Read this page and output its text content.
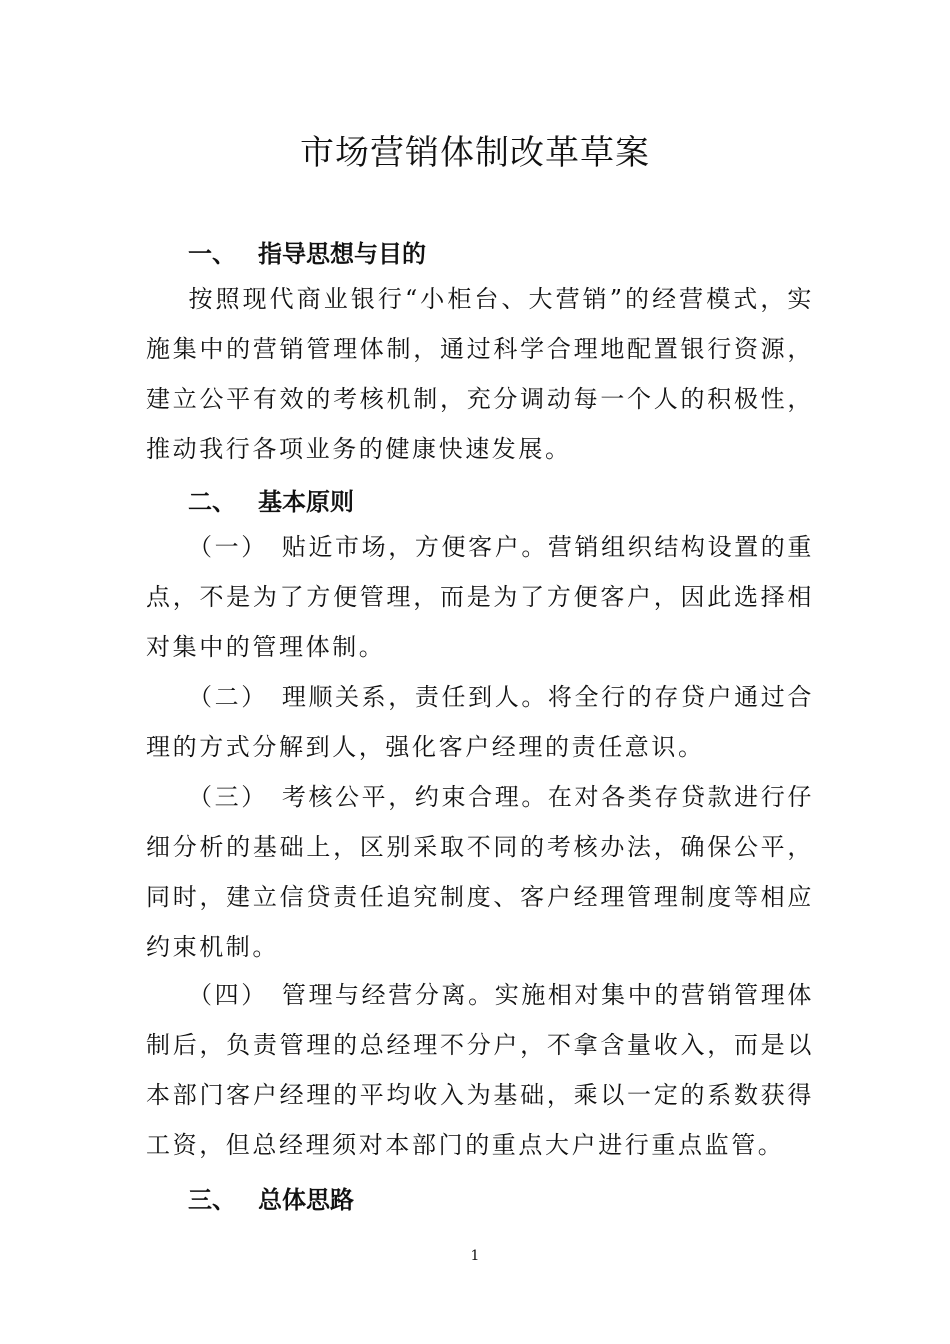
市场营销体制改革草案
一、 指导思想与目的
按照现代商业银行“小柜台、大营销”的经营模式，实施集中的营销管理体制，通过科学合理地配置银行资源，建立公平有效的考核机制，充分调动每一个人的积极性，推动我行各项业务的健康快速发展。
二、 基本原则
（一） 贴近市场，方便客户。营销组织结构设置的重点，不是为了方便管理，而是为了方便客户，因此选择相对集中的管理体制。
（二） 理顺关系，责任到人。将全行的存贷户通过合理的方式分解到人，强化客户经理的责任意识。
（三） 考核公平，约束合理。在对各类存贷款进行仔细分析的基础上，区别采取不同的考核办法，确保公平，同时，建立信贷责任追究制度、客户经理管理制度等相应约束机制。
（四） 管理与经营分离。实施相对集中的营销管理体制后，负责管理的总经理不分户，不拿含量收入，而是以本部门客户经理的平均收入为基础，乘以一定的系数获得工资，但总经理须对本部门的重点大户进行重点监管。
三、 总体思路
1
